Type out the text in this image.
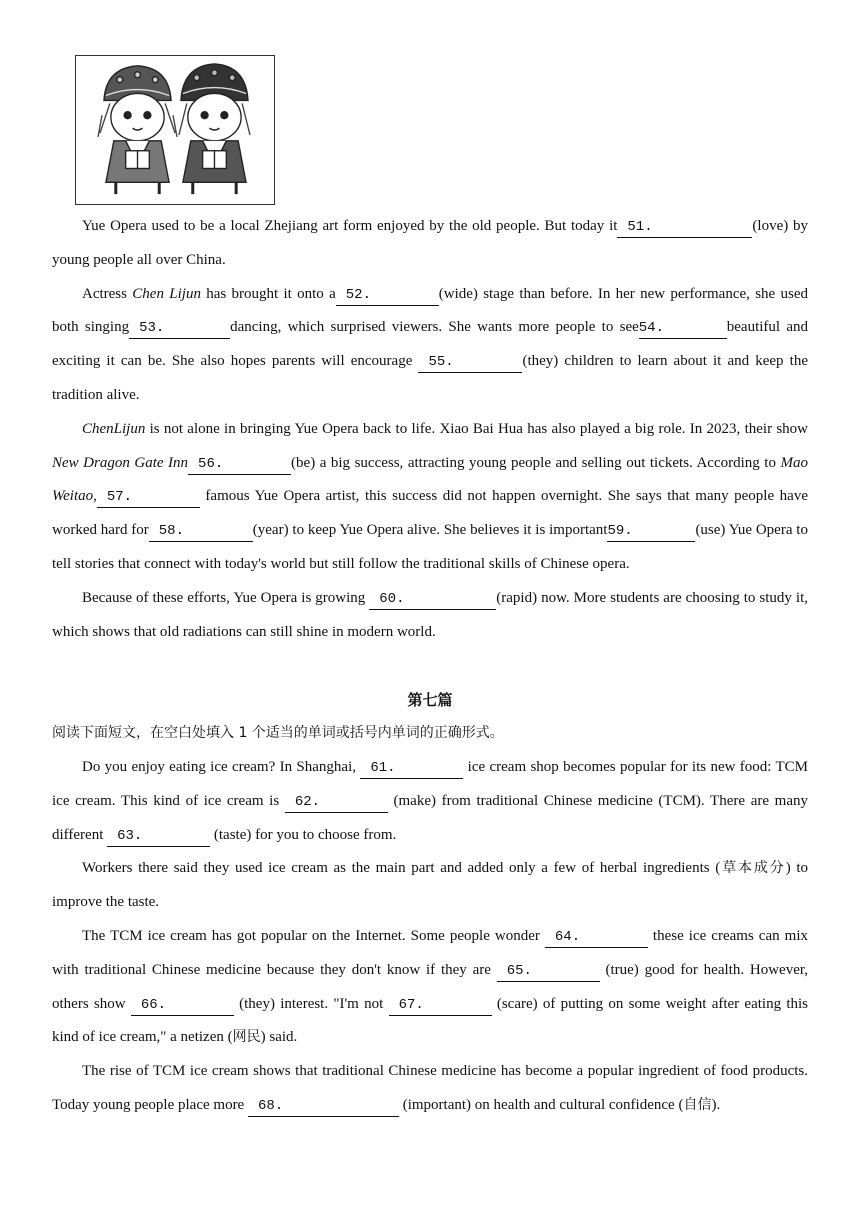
Yue Opera used to be a local Zhejiang art form enjoyed by the old people. But today it 51.	(love) by young people all over China.

Actress Chen Lijun has brought it onto a 52.	(wide) stage than before. In her new performance, she used both singing 53.	dancing, which surprised viewers. She wants more people to see54.	beautiful and exciting it can be. She also hopes parents will encourage 55.	(they) children to learn about it and keep the tradition alive.

ChenLijun is not alone in bringing Yue Opera back to life. Xiao Bai Hua has also played a big role. In 2023, their show New Dragon Gate Inn 56.	(be) a big success, attracting young people and selling out tickets. According to Mao Weitao, 57.	famous Yue Opera artist, this success did not happen overnight. She says that many people have worked hard for 58.	(year) to keep Yue Opera alive. She believes it is important59.	(use) Yue Opera to tell stories that connect with today's world but still follow the traditional skills of Chinese opera.

Because of these efforts, Yue Opera is growing 60.	(rapid) now. More students are choosing to study it, which shows that old radiations can still shine in modern world.

第七篇
阅读下面短文，在空白处填入 1 个适当的单词或括号内单词的正确形式。

Do you enjoy eating ice cream? In Shanghai, 61.	ice cream shop becomes popular for its new food: TCM ice cream. This kind of ice cream is 62.	(make) from traditional Chinese medicine (TCM). There are many different 63.	(taste) for you to choose from.

Workers there said they used ice cream as the main part and added only a few of herbal ingredients (草本成分) to improve the taste.

The TCM ice cream has got popular on the Internet. Some people wonder 64.	these ice creams can mix with traditional Chinese medicine because they don't know if they are 65.	(true) good for health. However, others show 66.	(they) interest. "I'm not 67.	(scare) of putting on some weight after eating this kind of ice cream," a netizen (网民) said.

The rise of TCM ice cream shows that traditional Chinese medicine has become a popular ingredient of food products. Today young people place more 68.	(important) on health and cultural confidence (自信).
